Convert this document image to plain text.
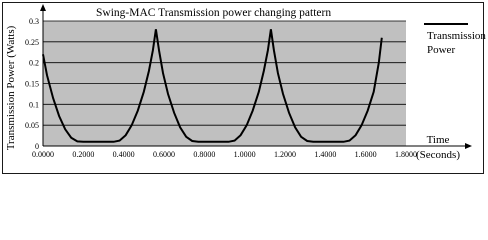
0
0.05
0.1
0.15
0.2
0.25
0.3
0.0000 0.2000 0.4000 0.6000 0.8000 1.0000 1.2000 1.4000 1.6000 1.8000
Swing-MAC Transmission power changing pattern
Transmission Power (Watts)	Time
(Seconds)
Transmission
Power
